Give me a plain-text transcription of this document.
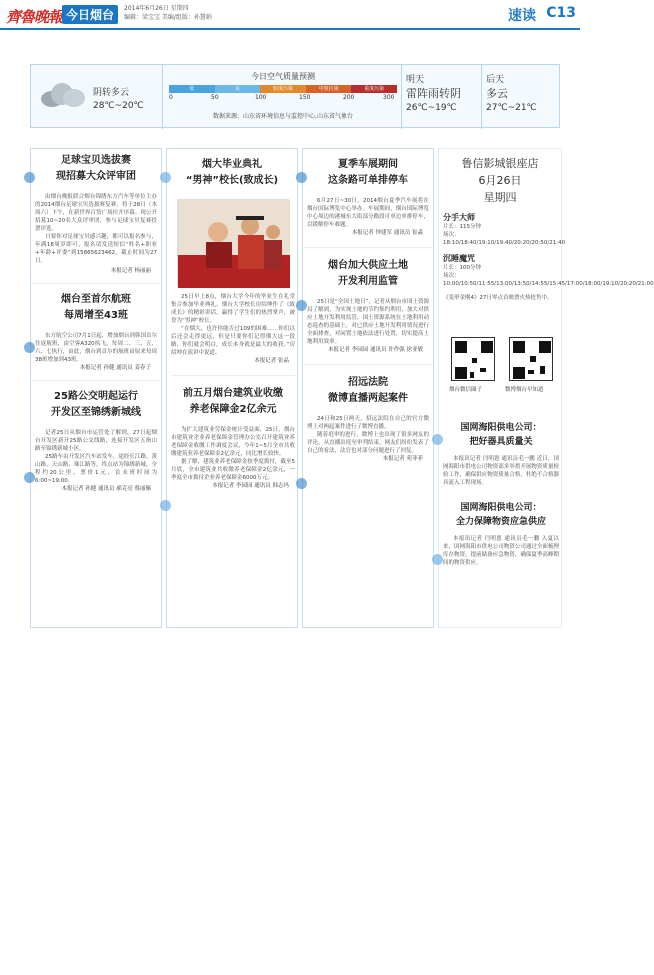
齊魯晚報 今日烟台	2014年6月26日 星期四
编辑：梁宝宝 美编/组版：孙慧娟	速读 C13
阴转多云
28℃~20℃
今日空气质量预测
优	良	轻度污染	中度污染	重度污染
0	50	100	150	200	300
数据来源：山东省环境信息与监控中心,山东省气象台
明天
雷阵雨转阴
26℃~19℃
后天
多云
27℃~21℃
足球宝贝选拔赛
现招募大众评审团

由烟台晚报联合烟台锦绣东方汽车等单位主办的2014烟台足球宝贝选拔赛复赛，将于28日（本周六）下午，在新世界百货广场拉开序幕。现公开招募10~20名大众评审团，参与足球宝贝复赛投票评选。

只要你对足球宝贝感兴趣，都可以报名参与，年满18周岁即可。报名请发送短信“姓名+职业+年龄+评委”到15865623462，截止时间为27日。

本报记者 杨丽丽
烟台至首尔航班
每周增至43班

东方航空公司7月1日起，增加烟台到韩国首尔往返航班，由空客A320执飞，每周二、三、五、六、七执行，由此，烟台到首尔的航班由原来每周38班增加到43班。

本报记者 孙健 通讯员 姜春子
25路公交明起运行
开发区至锦绣新城线

记者25日从烟台市运管处了解到，27日起烟台开发区新开25路公交线路，连接开发区五指山路至锦绣新城小区。

25路车由开发区汽车站发车，途经长江路、黄山路、天山路、珠江路等，终点站为锦绣新城，全程约20公里，票价1元，首末班时间为6:00~19:00。

本报记者 孙健 通讯员 郝克亮 蔡丽佩
烟大毕业典礼
“男神”校长(致成长)

25日早上8点，烟台大学今年的毕业生在礼堂集合参加毕业典礼。烟台大学校长房绍坤作了《致成长》的精彩讲话，赢得了学生们的热烈掌声，被誉为“男神”校长。

“在烟大，也许你能否过109的困难……你们以后还会走得更远，但是只要你们记得烟大这一段路，你们就会明白，成长本身就是最大的收获。”房绍坤在演讲中说道。

本报记者 张晶
前五月烟台建筑业收缴
养老保障金2亿余元

为扩大建筑业劳保金统计受益面，25日，烟台市建筑业企业养老保障金管理办公室召开建筑业养老保障金收缴工作调度会议，今年1~5月全市共收缴建筑业养老保障金2亿余元，同比增长较快。

据了解，建筑业养老保障金按季度拨付，截至5月底，全市建筑业共收缴养老保障金2亿余元，一季度全市拨付企业养老保障金6000万元。

本报记者 李园园 通讯员 韩志玛
夏季车展期间
这条路可单排停车

6月27日~30日，2014烟台夏季汽车展将在烟台国际博览中心举办。车展期间，烟台国际博览中心周边的港城东大街部分路段可单边单排停车，以缓解停车难题。

本报记者 钟建军 通讯员 崔淼
烟台加大供应土地
开发利用监管

25日是“全国土地日”，记者从烟台市国土资源局了解到，为实现土地的节约集约利用，加大对供应土地开发利用监管，国土资源系统在土地利用动态巡查的基础上，对已供应土地开发利用情况进行全面排查，对闲置土地依法进行处置，切实提高土地利用效率。

本报记者 李园园 通讯员 许作强 徐亚敏
招远法院
微博直播两起案件

24日和25日两天，招远法院在自己的官方微博上对两起案件进行了微博直播。

随着庭审的进行，微博上也出现了很多网友的评论，从直播出庭至审判结束，网友们纷纷发表了自己的看法，法官也对部分问题进行了回复。

本报记者 苑菲菲
鲁信影城银座店
6月26日
星期四
分手大师
片长：115分钟
场次：18:10/18:40/19:10/19:40/20:20/20:50/21:40
沉睡魔咒
片长：100分钟
场次：10:00/10:50/11:55/13:00/13:50/14:55/15:45/17:00/18:00/19:10/20:20/21:00
《变形金刚4》27日零点首映票火热抢售中。
烟台微信圈子	微博烟台早知道
国网海阳供电公司：
把好器具质量关

本报讯记者 闫明恩 通讯员毛一鹏 近日，国网海阳市供电公司物资部多举措开展物资质量检验工作，确保供应物资质量合格，杜绝不合格器具流入工程现场。

国网海阳供电公司：
全力保障物资应急供应

本报讯记者 闫明恩 通讯员毛一鹏 入夏以来，国网海阳市供电公司物资公司通过全面梳理库存物资，提前储备应急物资，确保夏季高峰期间的物资供应。
